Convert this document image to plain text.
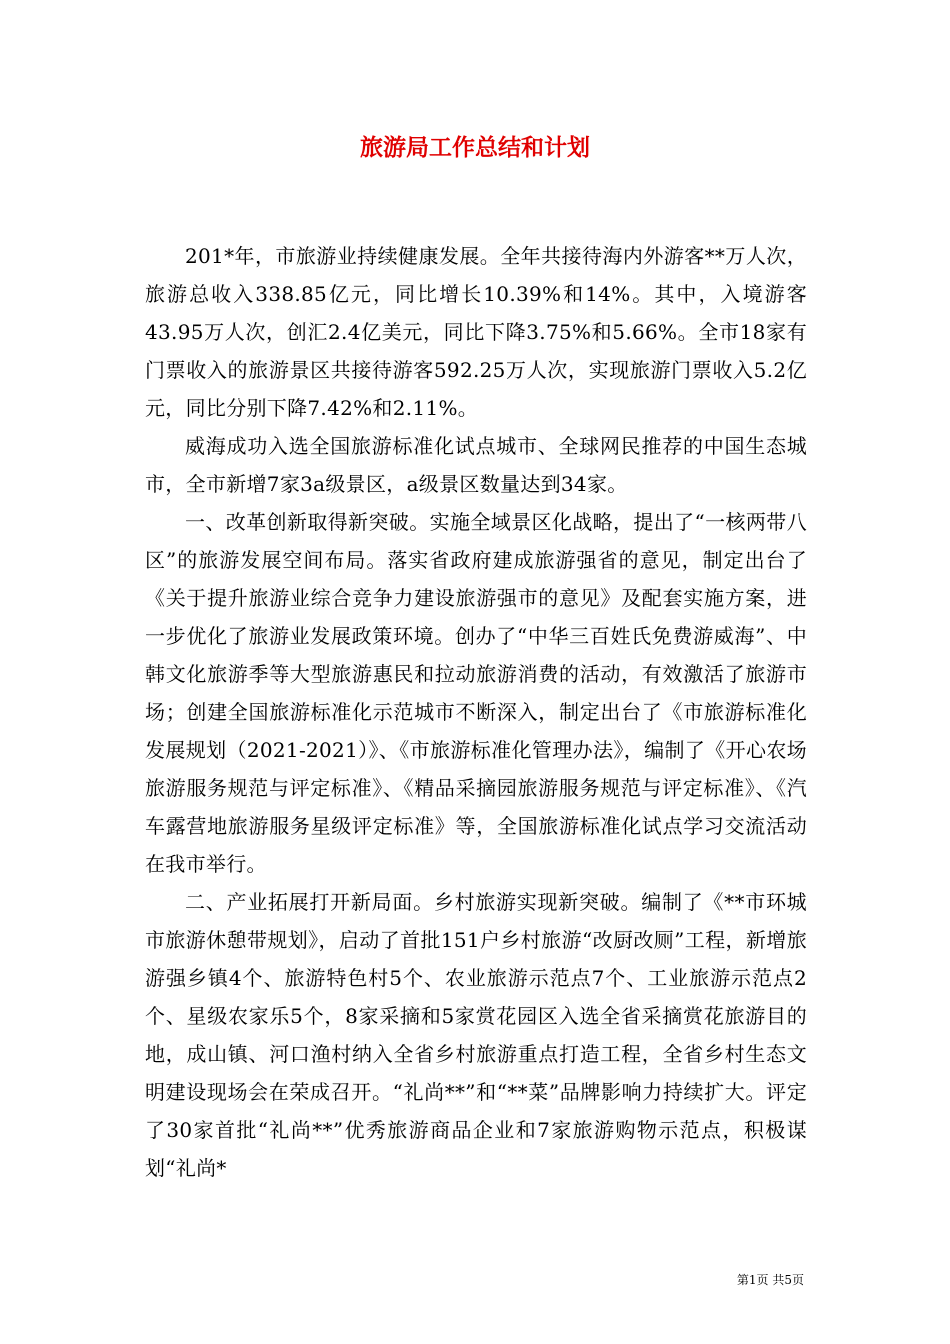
旅游局工作总结和计划

201*年，市旅游业持续健康发展。全年共接待海内外游客**万人次，旅游总收入338.85亿元，同比增长10.39%和14%。其中，入境游客43.95万人次，创汇2.4亿美元，同比下降3.75%和5.66%。全市18家有门票收入的旅游景区共接待游客592.25万人次，实现旅游门票收入5.2亿元，同比分别下降7.42%和2.11%。

威海成功入选全国旅游标准化试点城市、全球网民推荐的中国生态城市，全市新增7家3a级景区，a级景区数量达到34家。

一、改革创新取得新突破。实施全域景区化战略，提出了“一核两带八区”的旅游发展空间布局。落实省政府建成旅游强省的意见，制定出台了《关于提升旅游业综合竞争力建设旅游强市的意见》及配套实施方案，进一步优化了旅游业发展政策环境。创办了“中华三百姓氏免费游威海”、中韩文化旅游季等大型旅游惠民和拉动旅游消费的活动，有效激活了旅游市场；创建全国旅游标准化示范城市不断深入，制定出台了《市旅游标准化发展规划（2021-2021）》、《市旅游标准化管理办法》，编制了《开心农场旅游服务规范与评定标准》、《精品采摘园旅游服务规范与评定标准》、《汽车露营地旅游服务星级评定标准》等，全国旅游标准化试点学习交流活动在我市举行。

二、产业拓展打开新局面。乡村旅游实现新突破。编制了《**市环城市旅游休憩带规划》，启动了首批151户乡村旅游“改厨改厕”工程，新增旅游强乡镇4个、旅游特色村5个、农业旅游示范点7个、工业旅游示范点2个、星级农家乐5个，8家采摘和5家赏花园区入选全省采摘赏花旅游目的地，成山镇、河口渔村纳入全省乡村旅游重点打造工程，全省乡村生态文明建设现场会在荣成召开。“礼尚**”和“**菜”品牌影响力持续扩大。评定了30家首批“礼尚**”优秀旅游商品企业和7家旅游购物示范点，积极谋划“礼尚*

第1页 共5页
